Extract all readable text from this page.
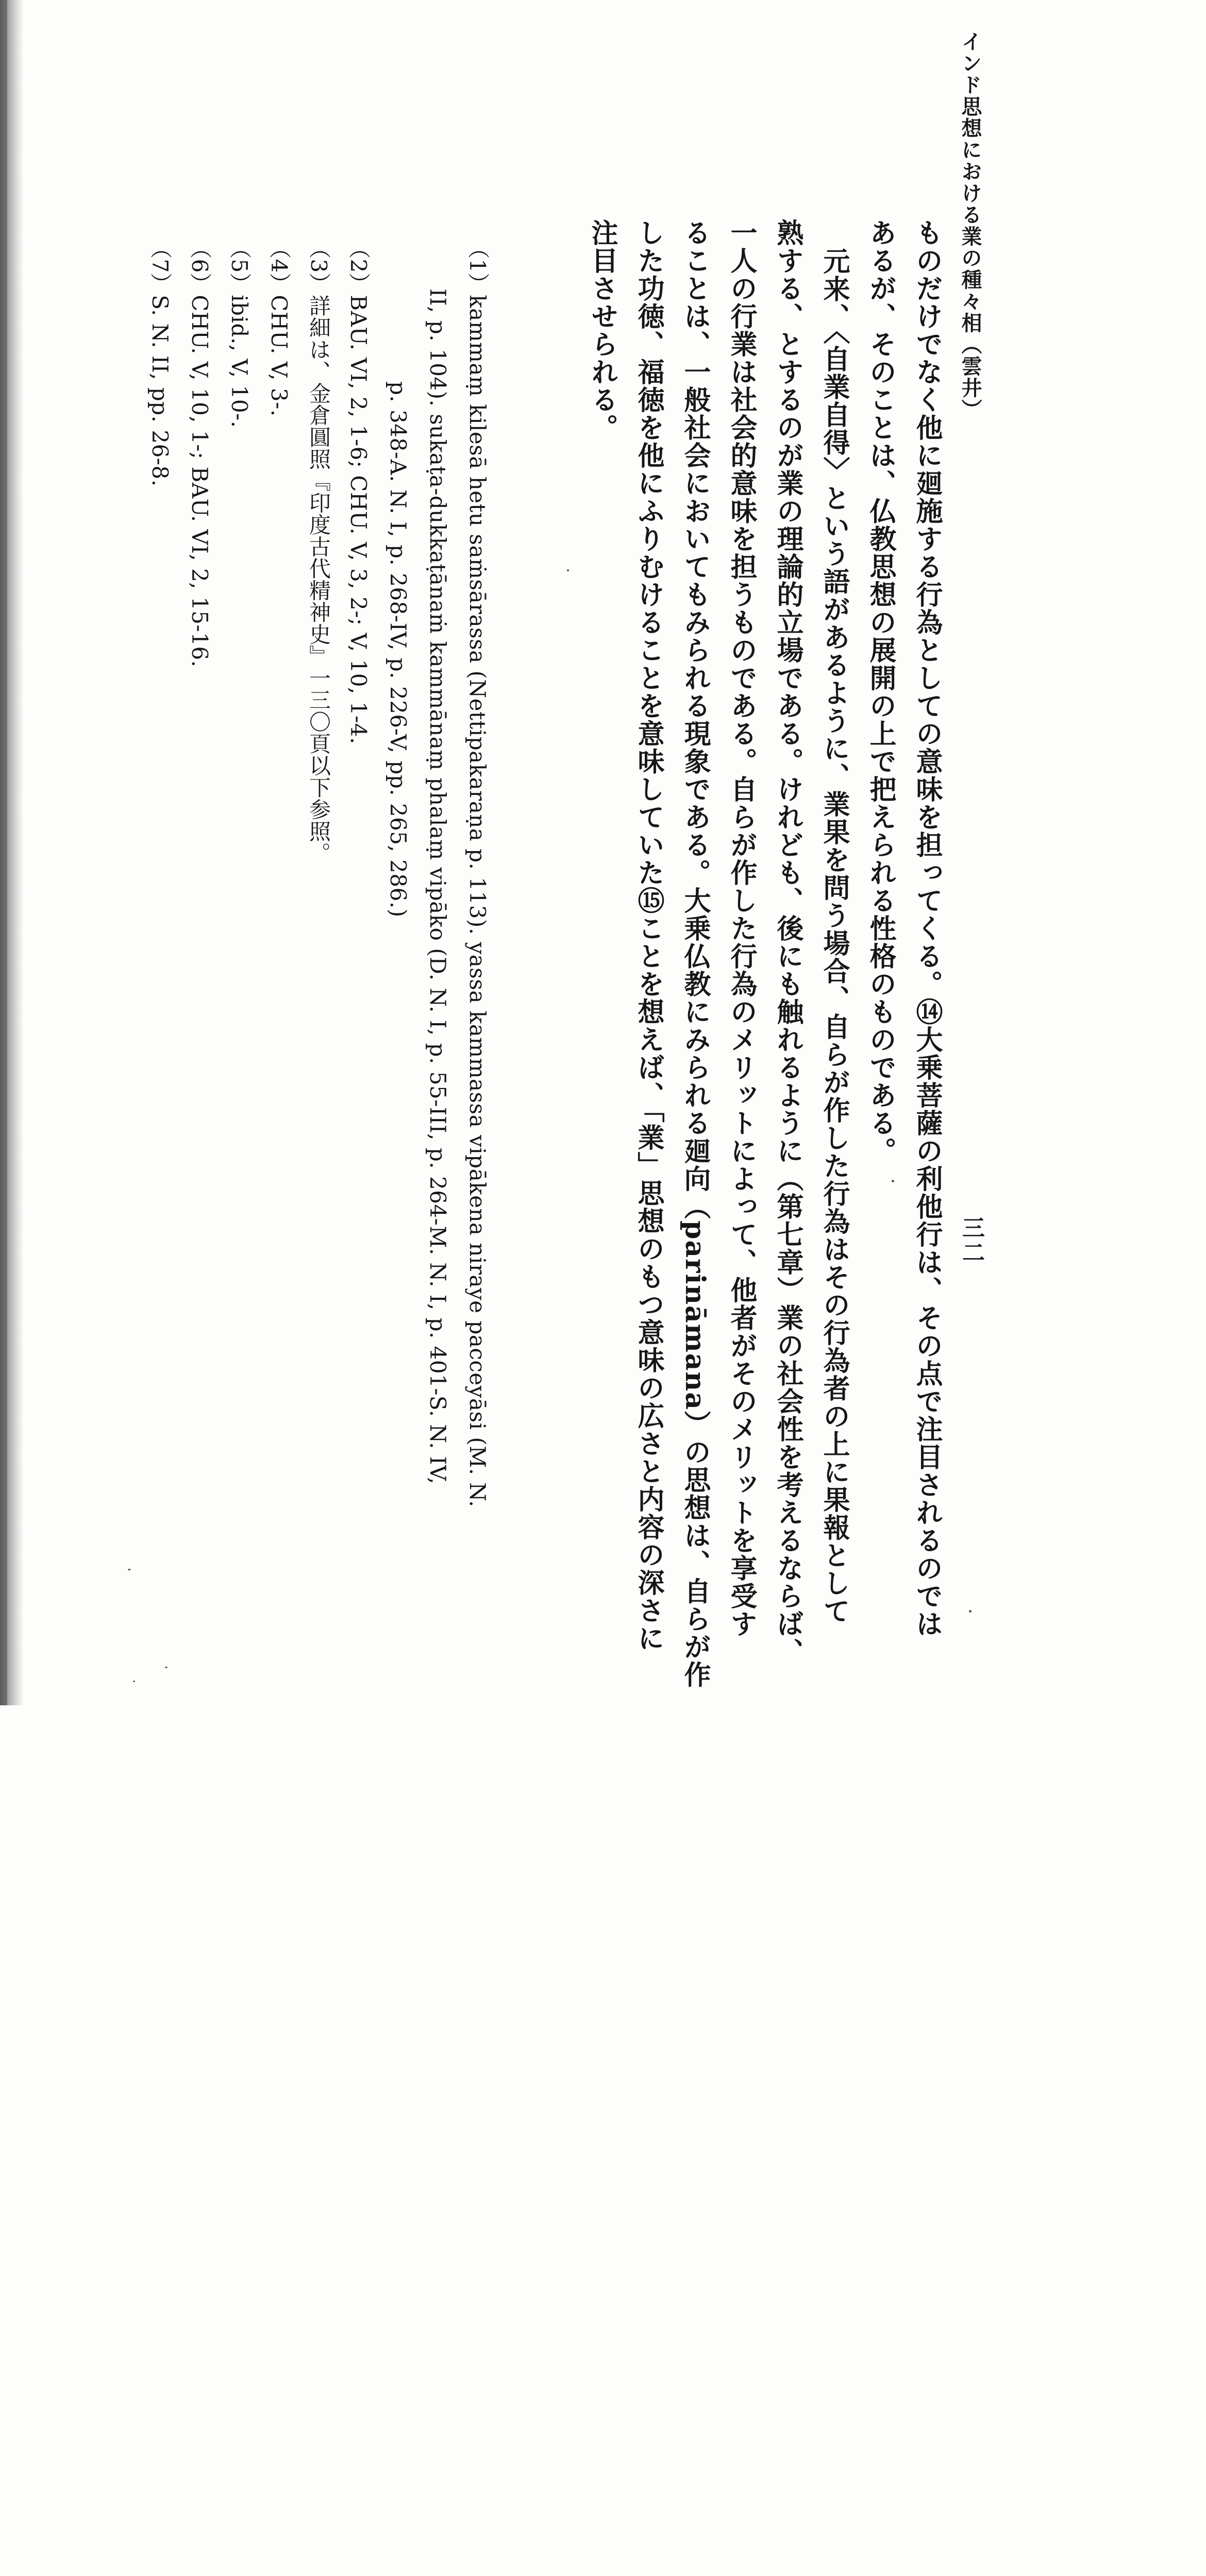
インド思想における業の種々相（雲井）
三二
ものだけでなく他に廻施する行為としての意味を担ってくる。⑭大乗菩薩の利他行は、その点で注目されるのでは
あるが、そのことは、仏教思想の展開の上で把えられる性格のものである。
元来、〈自業自得〉という語があるように、業果を問う場合、自らが作した行為はその行為者の上に果報として
熟する、とするのが業の理論的立場である。けれども、後にも触れるように（第七章）業の社会性を考えるならば、
一人の行業は社会的意味を担うものである。自らが作した行為のメリットによって、他者がそのメリットを享受す
ることは、一般社会においてもみられる現象である。大乗仏教にみられる廻向（parināmana）の思想は、自らが作
した功徳、福徳を他にふりむけることを意味していた⑮ことを想えば、「業」思想のもつ意味の広さと内容の深さに
注目させられる。
（1）kammaṃ kilesā hetu saṁsārassa (Nettipakaraṇa p. 113). yassa kammassa vipākena niraye pacceyāsi (M. N.
II, p. 104). sukaṭa-dukkaṭānaṁ kammānaṃ phalaṃ vipāko (D. N. I, p. 55-III, p. 264-M. N. I, p. 401-S. N. IV,
p. 348-A. N. I, p. 268-IV, p. 226-V, pp. 265, 286.)
（2）BAU. VI, 2, 1-6; CHU. V, 3, 2-; V, 10, 1-4.
（3）詳細は、金倉圓照『印度古代精神史』一三〇頁以下参照。
（4）CHU. V, 3-.
（5）ibid., V, 10-.
（6）CHU. V, 10, 1-; BAU. VI, 2, 15-16.
（7）S. N. II, pp. 26-8.
